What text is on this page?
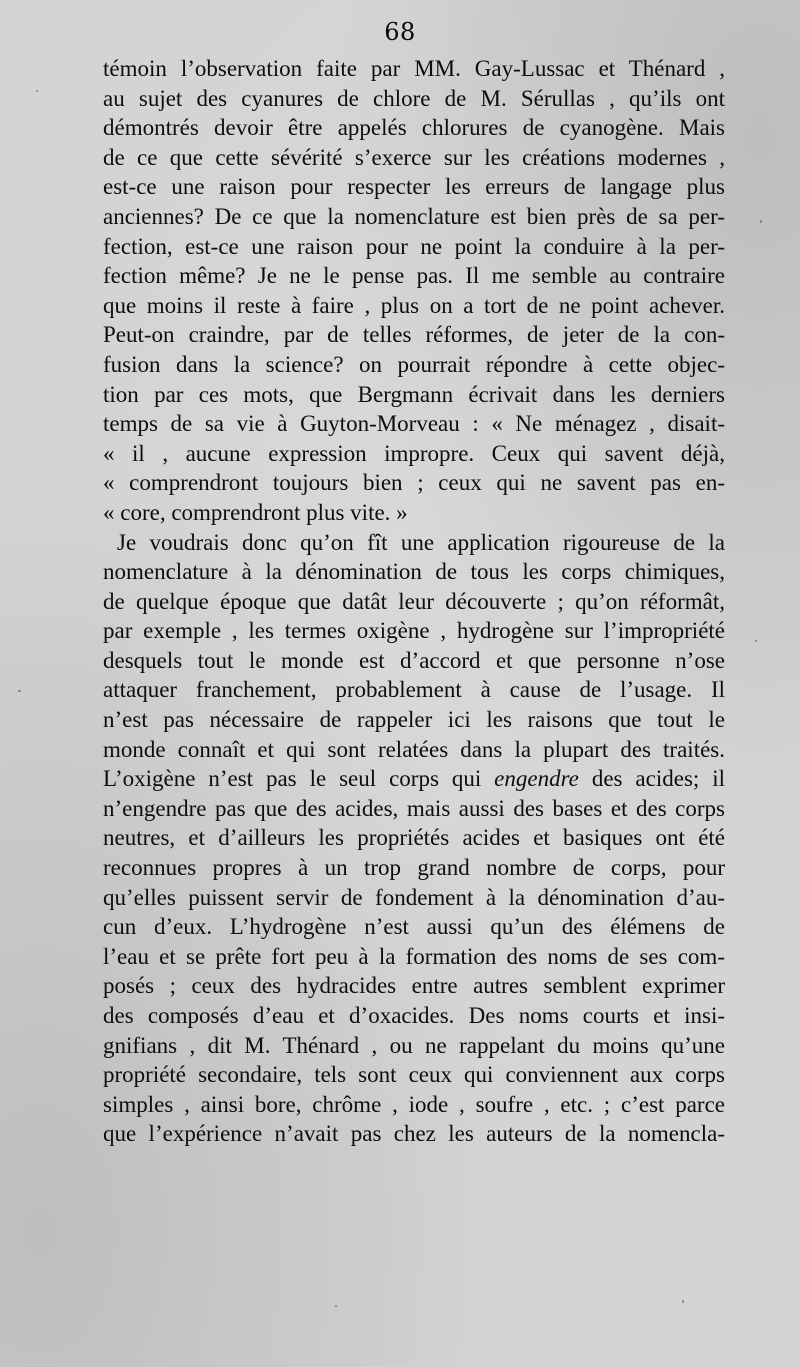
68
témoin l’observation faite par MM. Gay-Lussac et Thénard ,
au sujet des cyanures de chlore de M. Sérullas , qu’ils ont
démontrés devoir être appelés chlorures de cyanogène. Mais
de ce que cette sévérité s’exerce sur les créations modernes ,
est-ce une raison pour respecter les erreurs de langage plus
anciennes? De ce que la nomenclature est bien près de sa per-
fection, est-ce une raison pour ne point la conduire à la per-
fection même? Je ne le pense pas. Il me semble au contraire
que moins il reste à faire , plus on a tort de ne point achever.
Peut-on craindre, par de telles réformes, de jeter de la con-
fusion dans la science? on pourrait répondre à cette objec-
tion par ces mots, que Bergmann écrivait dans les derniers
temps de sa vie à Guyton-Morveau : « Ne ménagez , disait-
« il , aucune expression impropre. Ceux qui savent déjà,
« comprendront toujours bien ; ceux qui ne savent pas en-
« core, comprendront plus vite. »
Je voudrais donc qu’on fît une application rigoureuse de la
nomenclature à la dénomination de tous les corps chimiques,
de quelque époque que datât leur découverte ; qu’on réformât,
par exemple , les termes oxigène , hydrogène sur l’impropriété
desquels tout le monde est d’accord et que personne n’ose
attaquer franchement, probablement à cause de l’usage. Il
n’est pas nécessaire de rappeler ici les raisons que tout le
monde connaît et qui sont relatées dans la plupart des traités.
L’oxigène n’est pas le seul corps qui engendre des acides; il
n’engendre pas que des acides, mais aussi des bases et des corps
neutres, et d’ailleurs les propriétés acides et basiques ont été
reconnues propres à un trop grand nombre de corps, pour
qu’elles puissent servir de fondement à la dénomination d’au-
cun d’eux. L’hydrogène n’est aussi qu’un des élémens de
l’eau et se prête fort peu à la formation des noms de ses com-
posés ; ceux des hydracides entre autres semblent exprimer
des composés d’eau et d’oxacides. Des noms courts et insi-
gnifians , dit M. Thénard , ou ne rappelant du moins qu’une
propriété secondaire, tels sont ceux qui conviennent aux corps
simples , ainsi bore, chrôme , iode , soufre , etc. ; c’est parce
que l’expérience n’avait pas chez les auteurs de la nomencla-
